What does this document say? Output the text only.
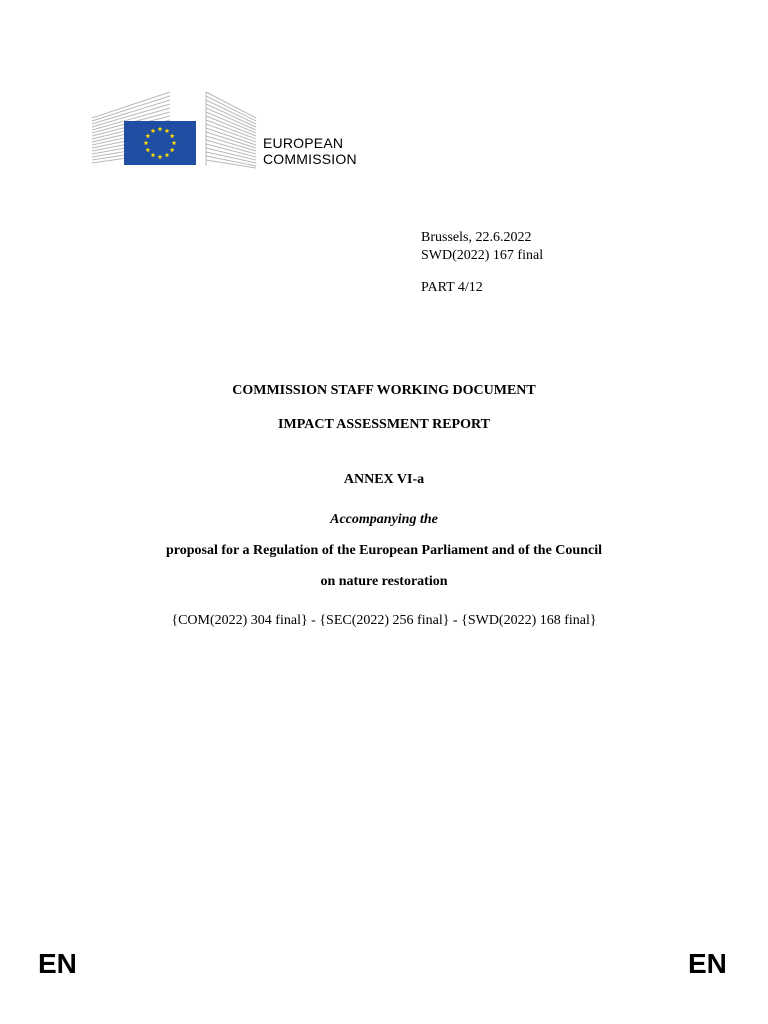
EUROPEAN
COMMISSION
Brussels, 22.6.2022
SWD(2022) 167 final
PART 4/12
COMMISSION STAFF WORKING DOCUMENT
IMPACT ASSESSMENT REPORT
ANNEX VI-a
Accompanying the
proposal for a Regulation of the European Parliament and of the Council
on nature restoration
{COM(2022) 304 final} - {SEC(2022) 256 final} - {SWD(2022) 168 final}
EN	EN
